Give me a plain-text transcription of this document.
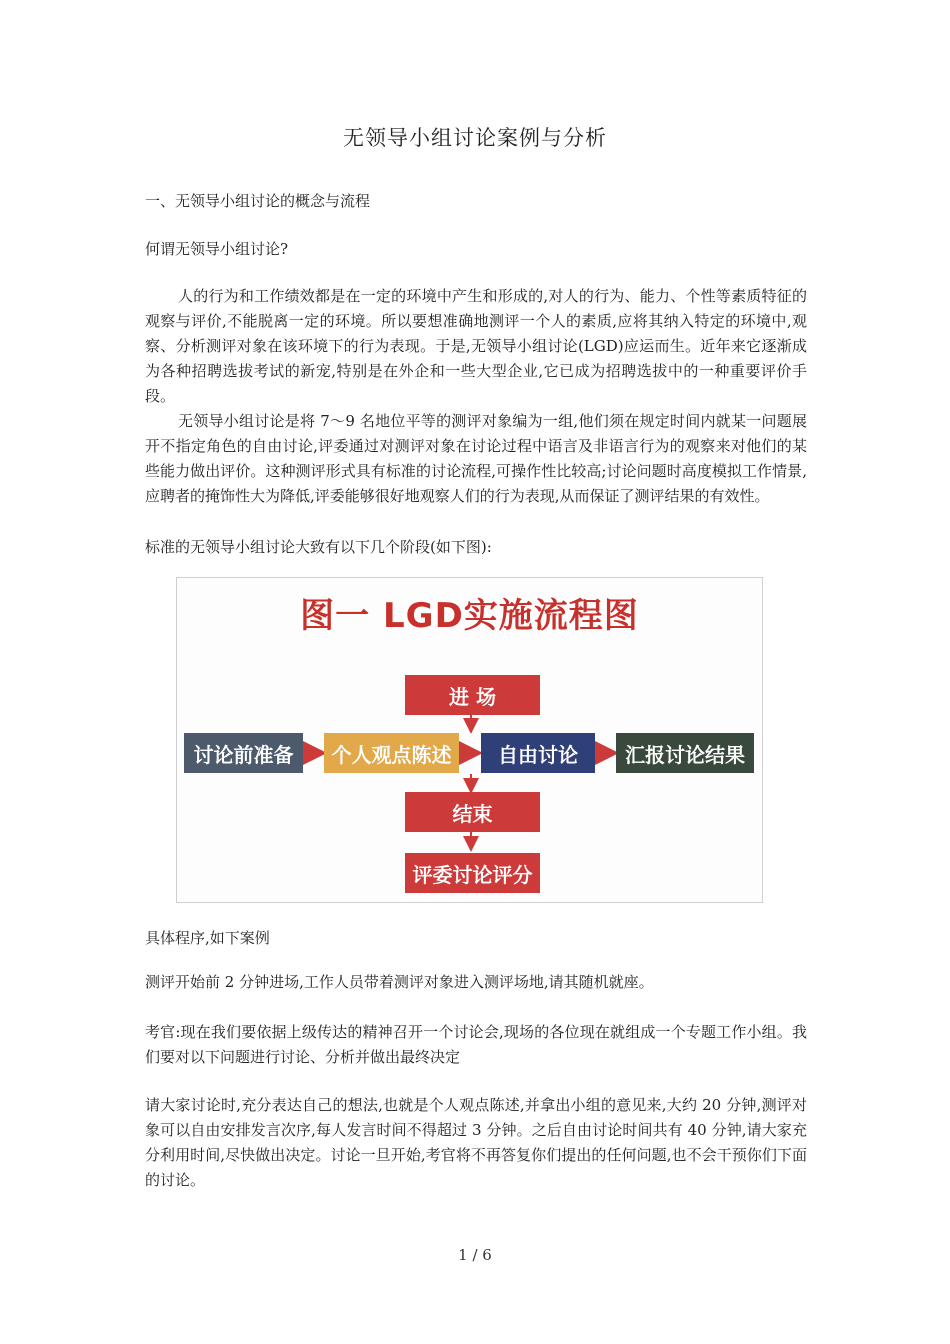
无领导小组讨论案例与分析
一、无领导小组讨论的概念与流程
何谓无领导小组讨论?
人的行为和工作绩效都是在一定的环境中产生和形成的,对人的行为、能力、个性等素质特征的观察与评价,不能脱离一定的环境。所以要想准确地测评一个人的素质,应将其纳入特定的环境中,观察、分析测评对象在该环境下的行为表现。于是,无领导小组讨论(LGD)应运而生。近年来它逐渐成为各种招聘选拔考试的新宠,特别是在外企和一些大型企业,它已成为招聘选拔中的一种重要评价手段。
无领导小组讨论是将 7～9 名地位平等的测评对象编为一组,他们须在规定时间内就某一问题展开不指定角色的自由讨论,评委通过对测评对象在讨论过程中语言及非语言行为的观察来对他们的某些能力做出评价。这种测评形式具有标准的讨论流程,可操作性比较高;讨论问题时高度模拟工作情景,应聘者的掩饰性大为降低,评委能够很好地观察人们的行为表现,从而保证了测评结果的有效性。
标准的无领导小组讨论大致有以下几个阶段(如下图):
图一 LGD实施流程图
进 场
讨论前准备	个人观点陈述	自由讨论	汇报讨论结果
结束
评委讨论评分
具体程序,如下案例
测评开始前 2 分钟进场,工作人员带着测评对象进入测评场地,请其随机就座。
考官:现在我们要依据上级传达的精神召开一个讨论会,现场的各位现在就组成一个专题工作小组。我们要对以下问题进行讨论、分析并做出最终决定
请大家讨论时,充分表达自己的想法,也就是个人观点陈述,并拿出小组的意见来,大约 20 分钟,测评对象可以自由安排发言次序,每人发言时间不得超过 3 分钟。之后自由讨论时间共有 40 分钟,请大家充分利用时间,尽快做出决定。讨论一旦开始,考官将不再答复你们提出的任何问题,也不会干预你们下面的讨论。
1 / 6
